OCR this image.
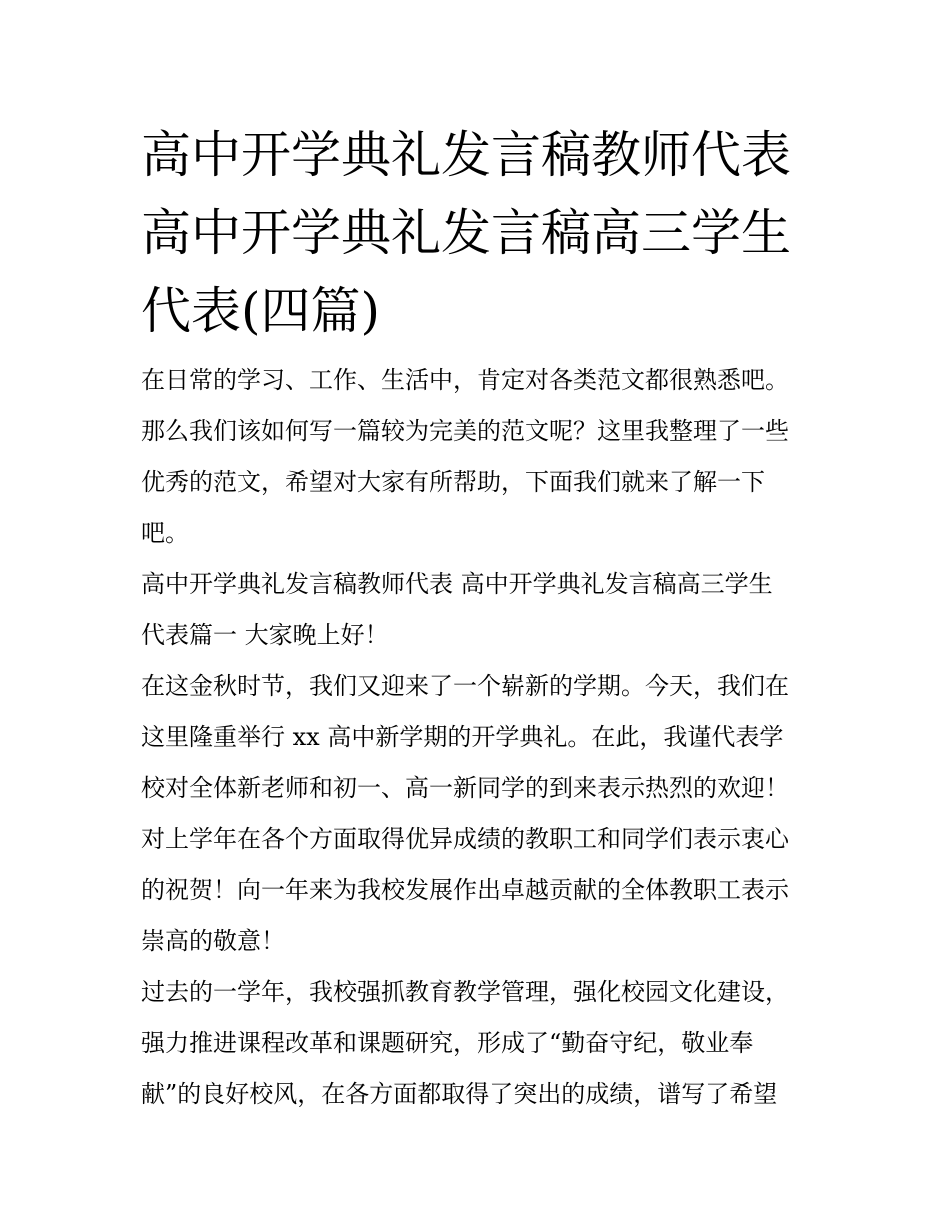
高中开学典礼发言稿教师代表
高中开学典礼发言稿高三学生
代表(四篇)
在日常的学习、工作、生活中，肯定对各类范文都很熟悉吧。
那么我们该如何写一篇较为完美的范文呢？这里我整理了一些
优秀的范文，希望对大家有所帮助，下面我们就来了解一下
吧。
高中开学典礼发言稿教师代表 高中开学典礼发言稿高三学生
代表篇一 大家晚上好！
在这金秋时节，我们又迎来了一个崭新的学期。今天，我们在
这里隆重举行 xx 高中新学期的开学典礼。在此，我谨代表学
校对全体新老师和初一、高一新同学的到来表示热烈的欢迎！
对上学年在各个方面取得优异成绩的教职工和同学们表示衷心
的祝贺！向一年来为我校发展作出卓越贡献的全体教职工表示
崇高的敬意！
过去的一学年，我校强抓教育教学管理，强化校园文化建设，
强力推进课程改革和课题研究，形成了“勤奋守纪，敬业奉
献”的良好校风，在各方面都取得了突出的成绩，谱写了希望
